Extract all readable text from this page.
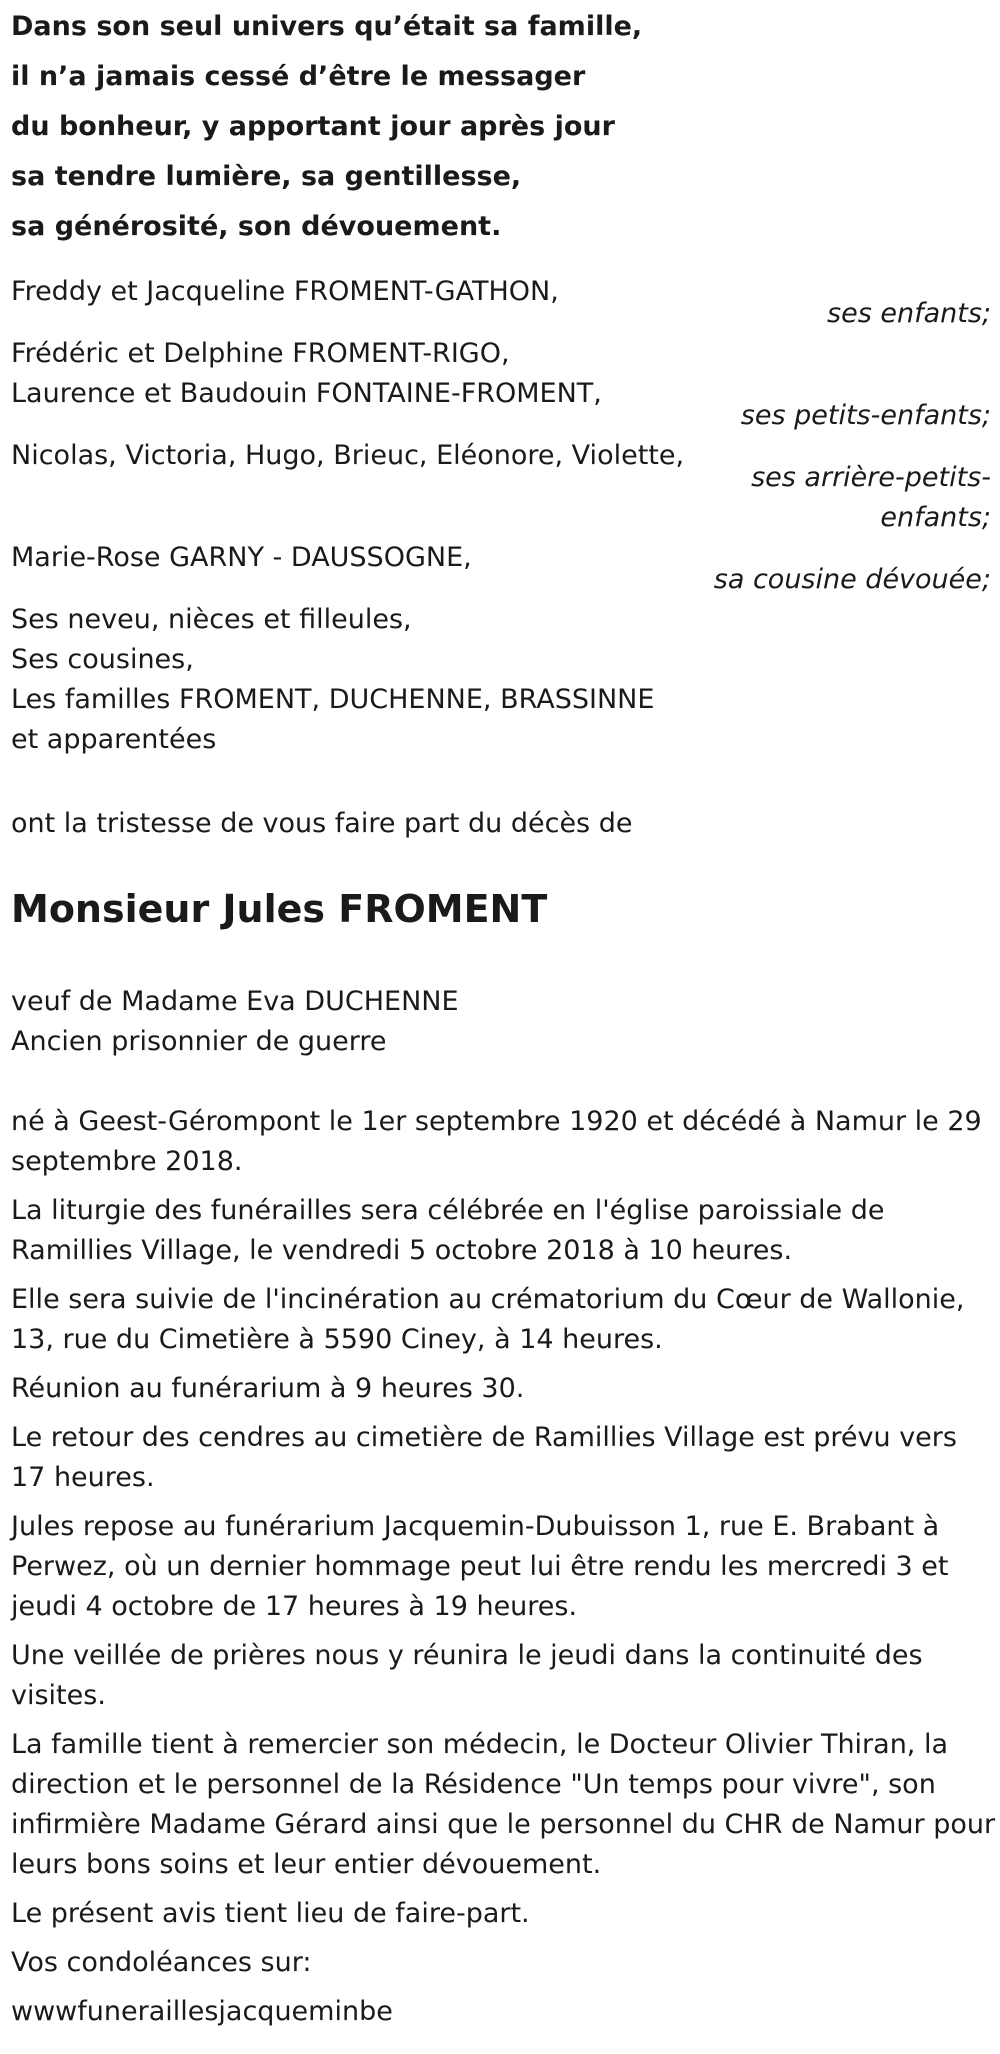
Dans son seul univers qu’était sa famille,
il n’a jamais cessé d’être le messager
du bonheur, y apportant jour après jour
sa tendre lumière, sa gentillesse,
sa générosité, son dévouement.
Freddy et Jacqueline FROMENT-GATHON,
ses enfants;
Frédéric et Delphine FROMENT-RIGO,
Laurence et Baudouin FONTAINE-FROMENT,
ses petits-enfants;
Nicolas, Victoria, Hugo, Brieuc, Eléonore, Violette,
ses arrière-petits-
enfants;
Marie-Rose GARNY - DAUSSOGNE,
sa cousine dévouée;
Ses neveu, nièces et filleules,
Ses cousines,
Les familles FROMENT, DUCHENNE, BRASSINNE
et apparentées
ont la tristesse de vous faire part du décès de
Monsieur Jules FROMENT
veuf de Madame Eva DUCHENNE
Ancien prisonnier de guerre

né à Geest-Gérompont le 1er septembre 1920 et décédé à Namur le 29 septembre 2018.

La liturgie des funérailles sera célébrée en l'église paroissiale de Ramillies Village, le vendredi 5 octobre 2018 à 10 heures.

Elle sera suivie de l'incinération au crématorium du Cœur de Wallonie, 13, rue du Cimetière à 5590 Ciney, à 14 heures.

Réunion au funérarium à 9 heures 30.

Le retour des cendres au cimetière de Ramillies Village est prévu vers 17 heures.

Jules repose au funérarium Jacquemin-Dubuisson 1, rue E. Brabant à Perwez, où un dernier hommage peut lui être rendu les mercredi 3 et jeudi 4 octobre de 17 heures à 19 heures.

Une veillée de prières nous y réunira le jeudi dans la continuité des visites.

La famille tient à remercier son médecin, le Docteur Olivier Thiran, la direction et le personnel de la Résidence "Un temps pour vivre", son infirmière Madame Gérard ainsi que le personnel du CHR de Namur pour leurs bons soins et leur entier dévouement.

Le présent avis tient lieu de faire-part.

Vos condoléances sur:

wwwfuneraillesjacqueminbe
